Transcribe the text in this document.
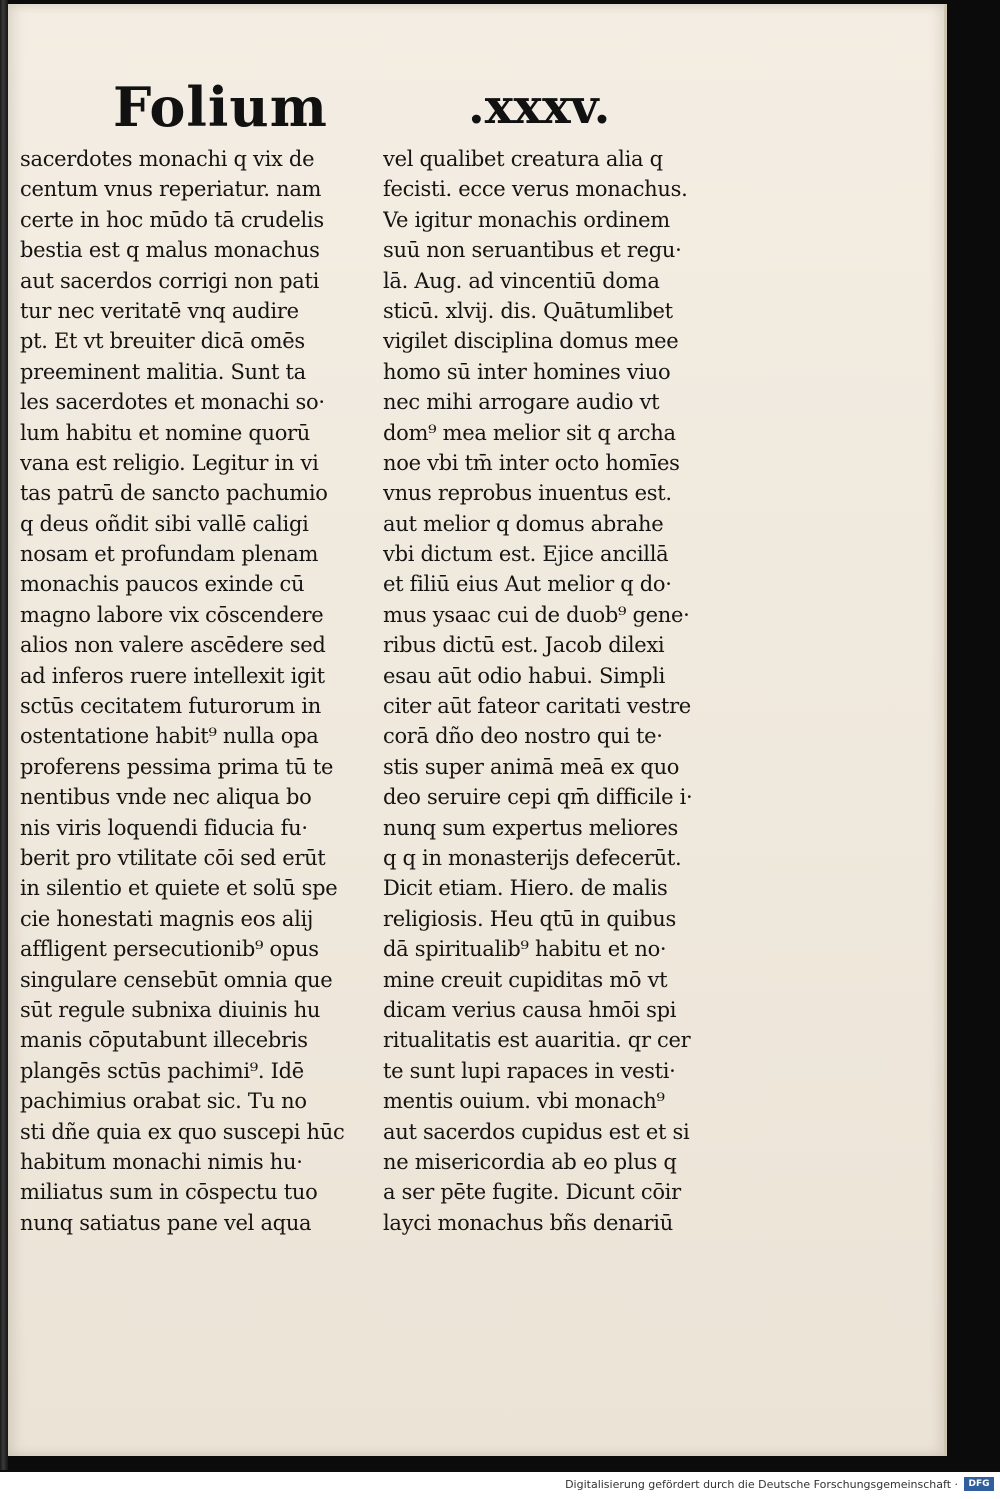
Folium	.xxxv.
sacerdotes monachi q vix de
centum vnus reperiatur. nam
certe in hoc mūdo tā crudelis
bestia est q malus monachus
aut sacerdos corrigi non pati
tur nec veritatē vnq audire
pt. Et vt breuiter dicā omēs
preeminent malitia. Sunt ta
les sacerdotes et monachi so·
lum habitu et nomine quorū
vana est religio. Legitur in vi
tas patrū de sancto pachumio
q deus oñdit sibi vallē caligi
nosam et profundam plenam
monachis paucos exinde cū
magno labore vix cōscendere
alios non valere ascēdere sed
ad inferos ruere intellexit igit
sctūs cecitatem futurorum in
ostentatione habit⁹ nulla opa
proferens pessima prima tū te
nentibus vnde nec aliqua bo
nis viris loquendi fiducia fu·
berit pro vtilitate cōi sed erūt
in silentio et quiete et solū spe
cie honestati magnis eos alij
affligent persecutionib⁹ opus
singulare censebūt omnia que
sūt regule subnixa diuinis hu
manis cōputabunt illecebris
plangēs sctūs pachimi⁹. Idē
pachimius orabat sic. Tu no
sti dñe quia ex quo suscepi hūc
habitum monachi nimis hu·
miliatus sum in cōspectu tuo
nunq satiatus pane vel aqua
vel qualibet creatura alia q
fecisti. ecce verus monachus.
Ve igitur monachis ordinem
suū non seruantibus et regu·
lā. Aug. ad vincentiū doma
sticū. xlvij. dis. Quātumlibet
vigilet disciplina domus mee
homo sū inter homines viuo
nec mihi arrogare audio vt
dom⁹ mea melior sit q archa
noe vbi tm̄ inter octo homīes
vnus reprobus inuentus est.
aut melior q domus abrahe
vbi dictum est. Ejice ancillā
et filiū eius Aut melior q do·
mus ysaac cui de duob⁹ gene·
ribus dictū est. Jacob dilexi
esau aūt odio habui. Simpli
citer aūt fateor caritati vestre
corā dño deo nostro qui te·
stis super animā meā ex quo
deo seruire cepi qm̄ difficile i·
nunq sum expertus meliores
q q in monasterijs defecerūt.
Dicit etiam. Hiero. de malis
religiosis. Heu qtū in quibus
dā spiritualib⁹ habitu et no·
mine creuit cupiditas mō vt
dicam verius causa hmōi spi
ritualitatis est auaritia. qr cer
te sunt lupi rapaces in vesti·
mentis ouium. vbi monach⁹
aut sacerdos cupidus est et si
ne misericordia ab eo plus q
a ser pēte fugite. Dicunt cōir
layci monachus bñs denariū
Digitalisierung gefördert durch die Deutsche Forschungsgemeinschaft ·	DFG
